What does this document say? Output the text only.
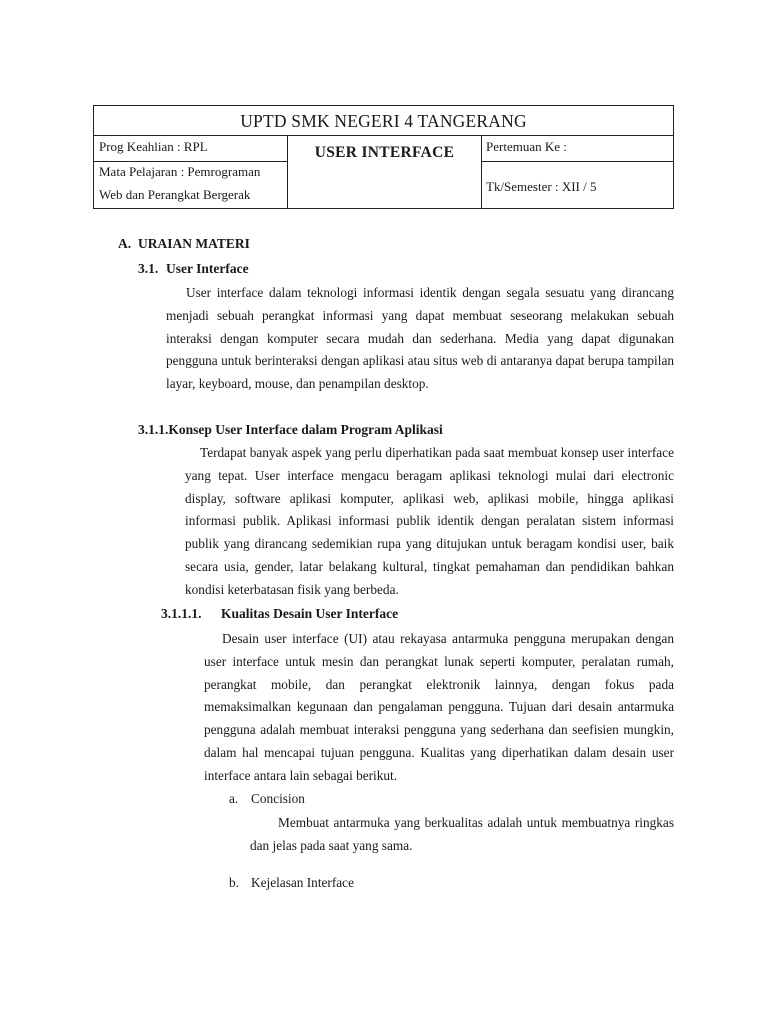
UPTD SMK NEGERI 4 TANGERANG
Prog Keahlian : RPL
Mata Pelajaran : Pemrograman Web dan Perangkat Bergerak
USER INTERFACE	Pertemuan Ke :
Tk/Semester : XII / 5
A. URAIAN MATERI
3.1. User Interface
User interface dalam teknologi informasi identik dengan segala sesuatu yang dirancang menjadi sebuah perangkat informasi yang dapat membuat seseorang melakukan sebuah interaksi dengan komputer secara mudah dan sederhana. Media yang dapat digunakan pengguna untuk berinteraksi dengan aplikasi atau situs web di antaranya dapat berupa tampilan layar, keyboard, mouse, dan penampilan desktop.
3.1.1.Konsep User Interface dalam Program Aplikasi
Terdapat banyak aspek yang perlu diperhatikan pada saat membuat konsep user interface yang tepat. User interface mengacu beragam aplikasi teknologi mulai dari electronic display, software aplikasi komputer, aplikasi web, aplikasi mobile, hingga aplikasi informasi publik. Aplikasi informasi publik identik dengan peralatan sistem informasi publik yang dirancang sedemikian rupa yang ditujukan untuk beragam kondisi user, baik secara usia, gender, latar belakang kultural, tingkat pemahaman dan pendidikan bahkan kondisi keterbatasan fisik yang berbeda.
3.1.1.1. Kualitas Desain User Interface
Desain user interface (UI) atau rekayasa antarmuka pengguna merupakan dengan user interface untuk mesin dan perangkat lunak seperti komputer, peralatan rumah, perangkat mobile, dan perangkat elektronik lainnya, dengan fokus pada memaksimalkan kegunaan dan pengalaman pengguna. Tujuan dari desain antarmuka pengguna adalah membuat interaksi pengguna yang sederhana dan seefisien mungkin, dalam hal mencapai tujuan pengguna. Kualitas yang diperhatikan dalam desain user interface antara lain sebagai berikut.
a. Concision
Membuat antarmuka yang berkualitas adalah untuk membuatnya ringkas dan jelas pada saat yang sama.
b. Kejelasan Interface
